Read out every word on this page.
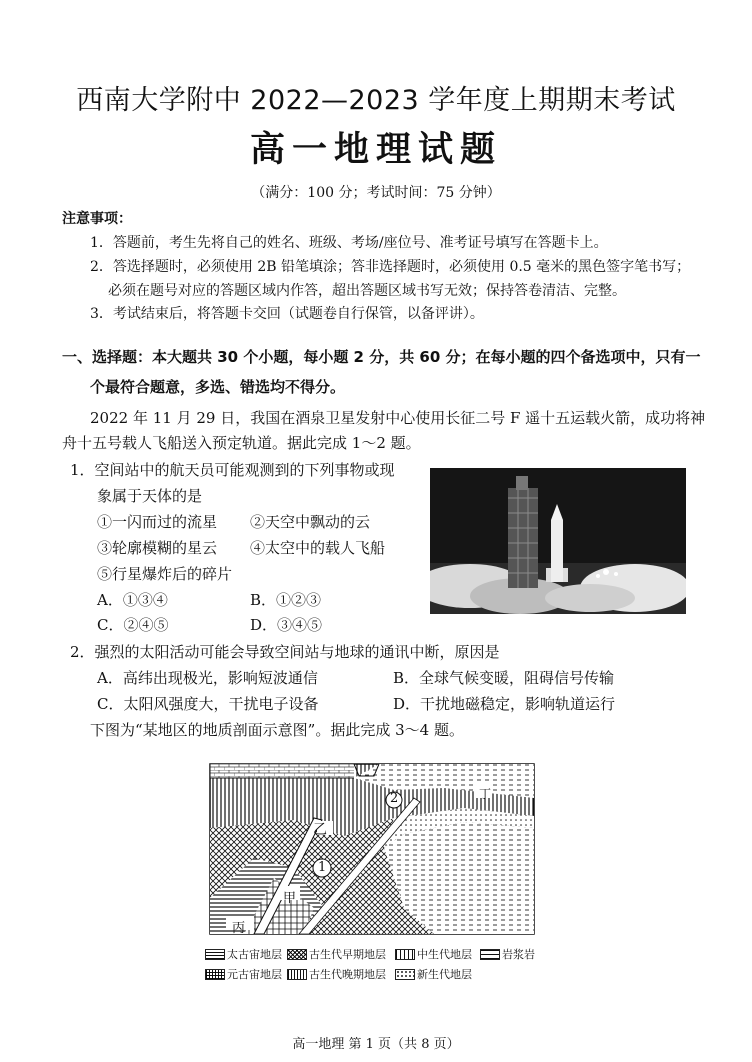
西南大学附中 2022—2023 学年度上期期末考试
高一地理试题
（满分：100 分；考试时间：75 分钟）
注意事项：
1．答题前，考生先将自己的姓名、班级、考场/座位号、准考证号填写在答题卡上。
2．答选择题时，必须使用 2B 铅笔填涂；答非选择题时，必须使用 0.5 毫米的黑色签字笔书写；
必须在题号对应的答题区域内作答，超出答题区域书写无效；保持答卷清洁、完整。
3．考试结束后，将答题卡交回（试题卷自行保管，以备评讲）。
一、选择题：本大题共 30 个小题，每小题 2 分，共 60 分；在每小题的四个备选项中，只有一
个最符合题意，多选、错选均不得分。
2022 年 11 月 29 日，我国在酒泉卫星发射中心使用长征二号 F 遥十五运载火箭，成功将神
舟十五号载人飞船送入预定轨道。据此完成 1～2 题。
1．空间站中的航天员可能观测到的下列事物或现
象属于天体的是
①一闪而过的流星 ②天空中飘动的云
③轮廓模糊的星云 ④太空中的载人飞船
⑤行星爆炸后的碎片
A．①③④	B．①②③
C．②④⑤	D．③④⑤
2．强烈的太阳活动可能会导致空间站与地球的通讯中断，原因是
A．高纬出现极光，影响短波通信	B．全球气候变暖，阻碍信号传输
C．太阳风强度大，干扰电子设备	D．干扰地磁稳定，影响轨道运行
下图为“某地区的地质剖面示意图”。据此完成 3～4 题。
乙
1
2
甲
丙
丁
太古宙地层 古生代早期地层	中生代地层	岩浆岩
元古宙地层 古生代晚期地层	新生代地层
高一地理 第 1 页（共 8 页）
